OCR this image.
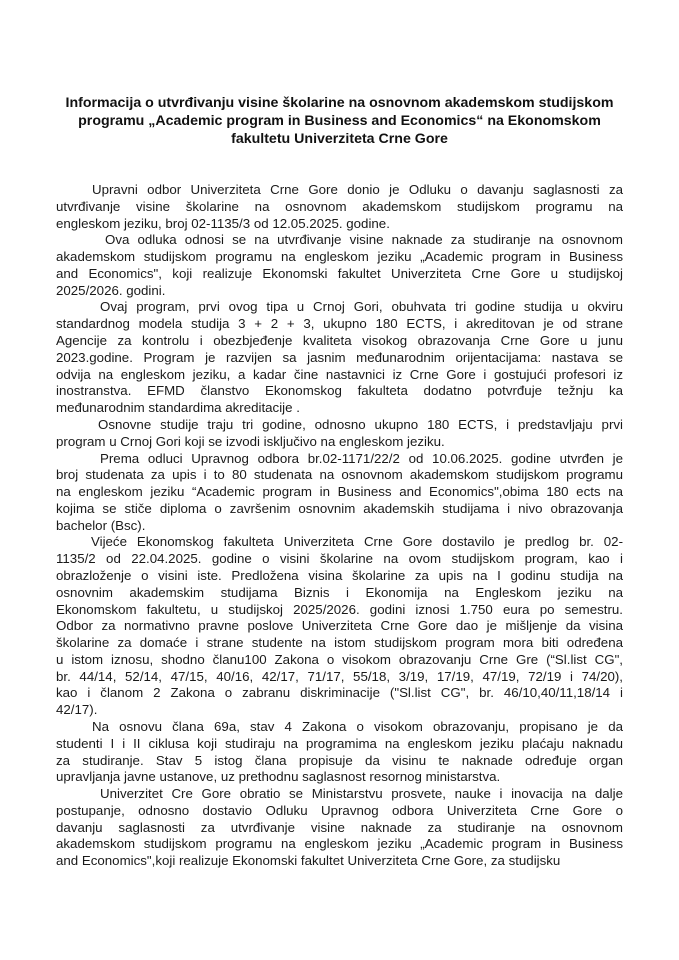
Informacija o utvrđivanju visine školarine na osnovnom akademskom studijskom
programu „Academic program in Business and Economics“ na Ekonomskom
fakultetu Univerziteta Crne Gore
Upravni odbor Univerziteta Crne Gore donio je Odluku o davanju saglasnosti za
utvrđivanje visine školarine na osnovnom akademskom studijskom programu na
engleskom jeziku, broj 02-1135/3 od 12.05.2025. godine.
Ova odluka odnosi se na utvrđivanje visine naknade za studiranje na osnovnom
akademskom studijskom programu na engleskom jeziku „Academic program in Business
and Economics", koji realizuje Ekonomski fakultet Univerziteta Crne Gore u studijskoj
2025/2026. godini.
Ovaj program, prvi ovog tipa u Crnoj Gori, obuhvata tri godine studija u okviru
standardnog modela studija 3 + 2 + 3, ukupno 180 ECTS, i akreditovan je od strane
Agencije za kontrolu i obezbjeđenje kvaliteta visokog obrazovanja Crne Gore u junu
2023.godine. Program je razvijen sa jasnim međunarodnim orijentacijama: nastava se
odvija na engleskom jeziku, a kadar čine nastavnici iz Crne Gore i gostujući profesori iz
inostranstva. EFMD članstvo Ekonomskog fakulteta dodatno potvrđuje težnju ka
međunarodnim standardima akreditacije .
Osnovne studije traju tri godine, odnosno ukupno 180 ECTS, i predstavljaju prvi
program u Crnoj Gori koji se izvodi isključivo na engleskom jeziku.
Prema odluci Upravnog odbora br.02-1171/22/2 od 10.06.2025. godine utvrđen je
broj studenata za upis i to 80 studenata na osnovnom akademskom studijskom programu
na engleskom jeziku “Academic program in Business and Economics",obima 180 ects na
kojima se stiče diploma o završenim osnovnim akademskih studijama i nivo obrazovanja
bachelor (Bsc).
Vijeće Ekonomskog fakulteta Univerziteta Crne Gore dostavilo je predlog br. 02-
1135/2 od 22.04.2025. godine o visini školarine na ovom studijskom program, kao i
obrazloženje o visini iste. Predložena visina školarine za upis na I godinu studija na
osnovnim akademskim studijama Biznis i Ekonomija na Engleskom jeziku na
Ekonomskom fakultetu, u studijskoj 2025/2026. godini iznosi 1.750 eura po semestru.
Odbor za normativno pravne poslove Univerziteta Crne Gore dao je mišljenje da visina
školarine za domaće i strane studente na istom studijskom program mora biti određena
u istom iznosu, shodno članu100 Zakona o visokom obrazovanju Crne Gre (“Sl.list CG",
br. 44/14, 52/14, 47/15, 40/16, 42/17, 71/17, 55/18, 3/19, 17/19, 47/19, 72/19 i 74/20),
kao i članom 2 Zakona o zabranu diskriminacije ("Sl.list CG", br. 46/10,40/11,18/14 i
42/17).
Na osnovu člana 69a, stav 4 Zakona o visokom obrazovanju, propisano je da
studenti I i II ciklusa koji studiraju na programima na engleskom jeziku plaćaju naknadu
za studiranje. Stav 5 istog člana propisuje da visinu te naknade određuje organ
upravljanja javne ustanove, uz prethodnu saglasnost resornog ministarstva.
Univerzitet Cre Gore obratio se Ministarstvu prosvete, nauke i inovacija na dalje
postupanje, odnosno dostavio Odluku Upravnog odbora Univerziteta Crne Gore o
davanju saglasnosti za utvrđivanje visine naknade za studiranje na osnovnom
akademskom studijskom programu na engleskom jeziku „Academic program in Business
and Economics",koji realizuje Ekonomski fakultet Univerziteta Crne Gore, za studijsku
